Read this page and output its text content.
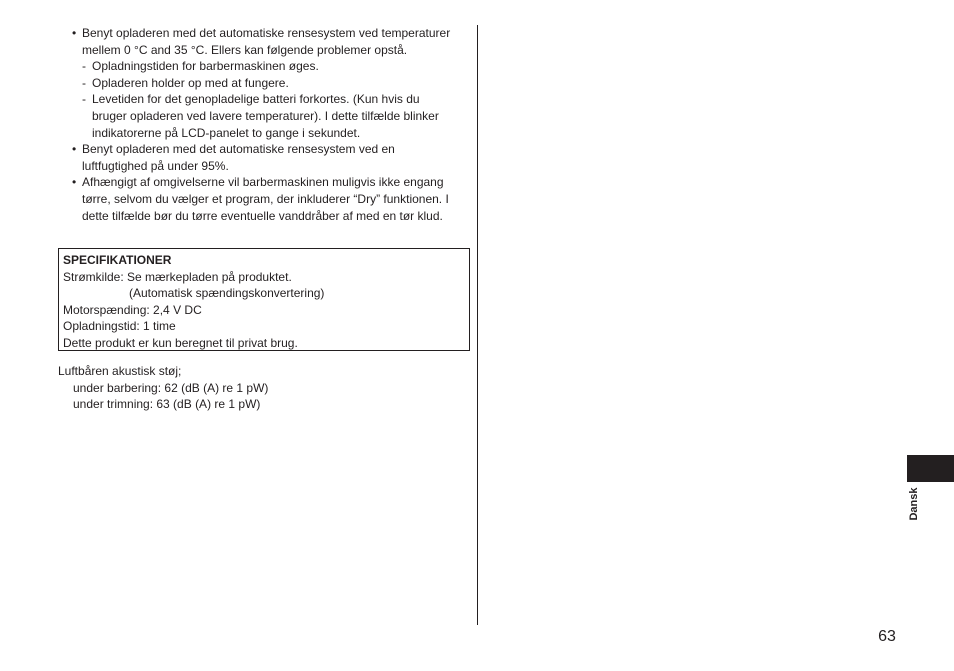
• Benyt opladeren med det automatiske rensesystem ved temperaturer
mellem 0 °C and 35 °C. Ellers kan følgende problemer opstå.
- Opladningstiden for barbermaskinen øges.
- Opladeren holder op med at fungere.
- Levetiden for det genopladelige batteri forkortes. (Kun hvis du
bruger opladeren ved lavere temperaturer). I dette tilfælde blinker
indikatorerne på LCD-panelet to gange i sekundet.
• Benyt opladeren med det automatiske rensesystem ved en
luftfugtighed på under 95%.
• Afhængigt af omgivelserne vil barbermaskinen muligvis ikke engang
tørre, selvom du vælger et program, der inkluderer “Dry” funktionen. I
dette tilfælde bør du tørre eventuelle vanddråber af med en tør klud.
SPECIFIKATIONER
Strømkilde: Se mærkepladen på produktet.
(Automatisk spændingskonvertering)
Motorspænding: 2,4 V DC
Opladningstid: 1 time
Dette produkt er kun beregnet til privat brug.
Luftbåren akustisk støj;
under barbering: 62 (dB (A) re 1 pW)
under trimning: 63 (dB (A) re 1 pW)
Dansk
63
